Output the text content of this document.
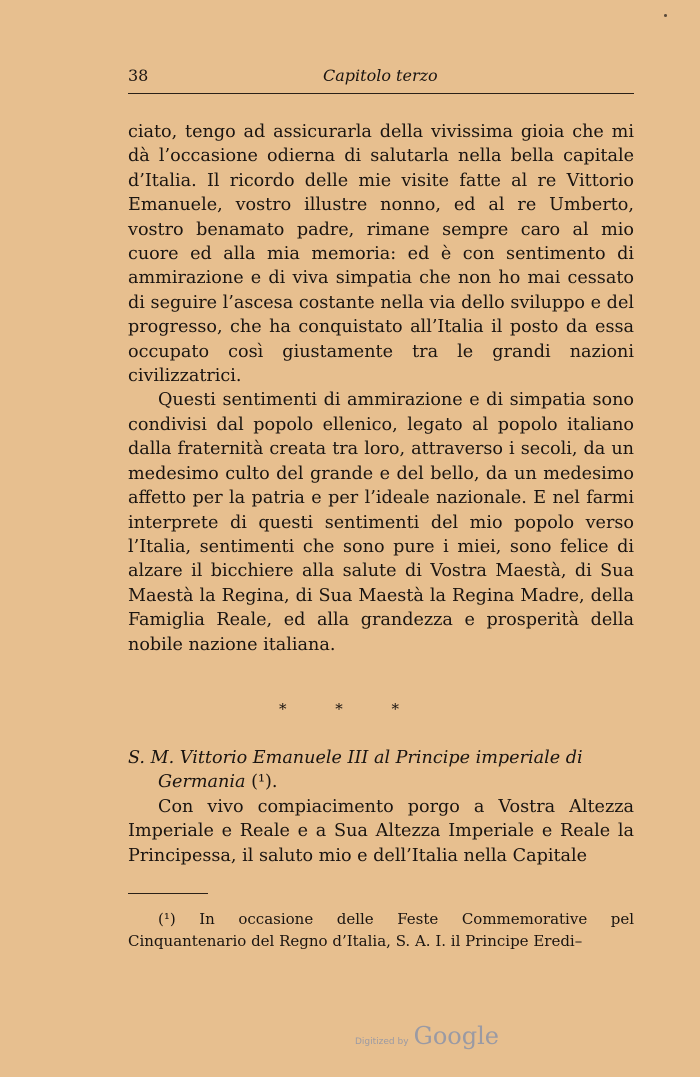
38	Capitolo terzo

ciato, tengo ad assicurarla della vivissima gioia che mi dà l’occasione odierna di salutarla nella bella capitale d’Italia. Il ricordo delle mie visite fatte al re Vittorio Emanuele, vostro illustre nonno, ed al re Umberto, vostro benamato padre, rimane sempre caro al mio cuore ed alla mia memoria: ed è con sentimento di ammirazione e di viva simpatia che non ho mai cessato di seguire l’ascesa costante nella via dello sviluppo e del progresso, che ha conquistato all’Italia il posto da essa occupato così giustamente tra le grandi nazioni civilizzatrici.

Questi sentimenti di ammirazione e di simpatia sono condivisi dal popolo ellenico, legato al popolo italiano dalla fraternità creata tra loro, attraverso i secoli, da un medesimo culto del grande e del bello, da un medesimo affetto per la patria e per l’ideale nazionale. E nel farmi interprete di questi sentimenti del mio popolo verso l’Italia, sentimenti che sono pure i miei, sono felice di alzare il bicchiere alla salute di Vostra Maestà, di Sua Maestà la Regina, di Sua Maestà la Regina Madre, della Famiglia Reale, ed alla grandezza e prosperità della nobile nazione italiana.

* * *

S. M. Vittorio Emanuele III al Principe imperiale di
Germania (¹).

Con vivo compiacimento porgo a Vostra Altezza Imperiale e Reale e a Sua Altezza Imperiale e Reale la Principessa, il saluto mio e dell’Italia nella Capitale

(¹) In occasione delle Feste Commemorative pel Cinquantenario del Regno d’Italia, S. A. I. il Principe Eredi–

Digitized by Google
